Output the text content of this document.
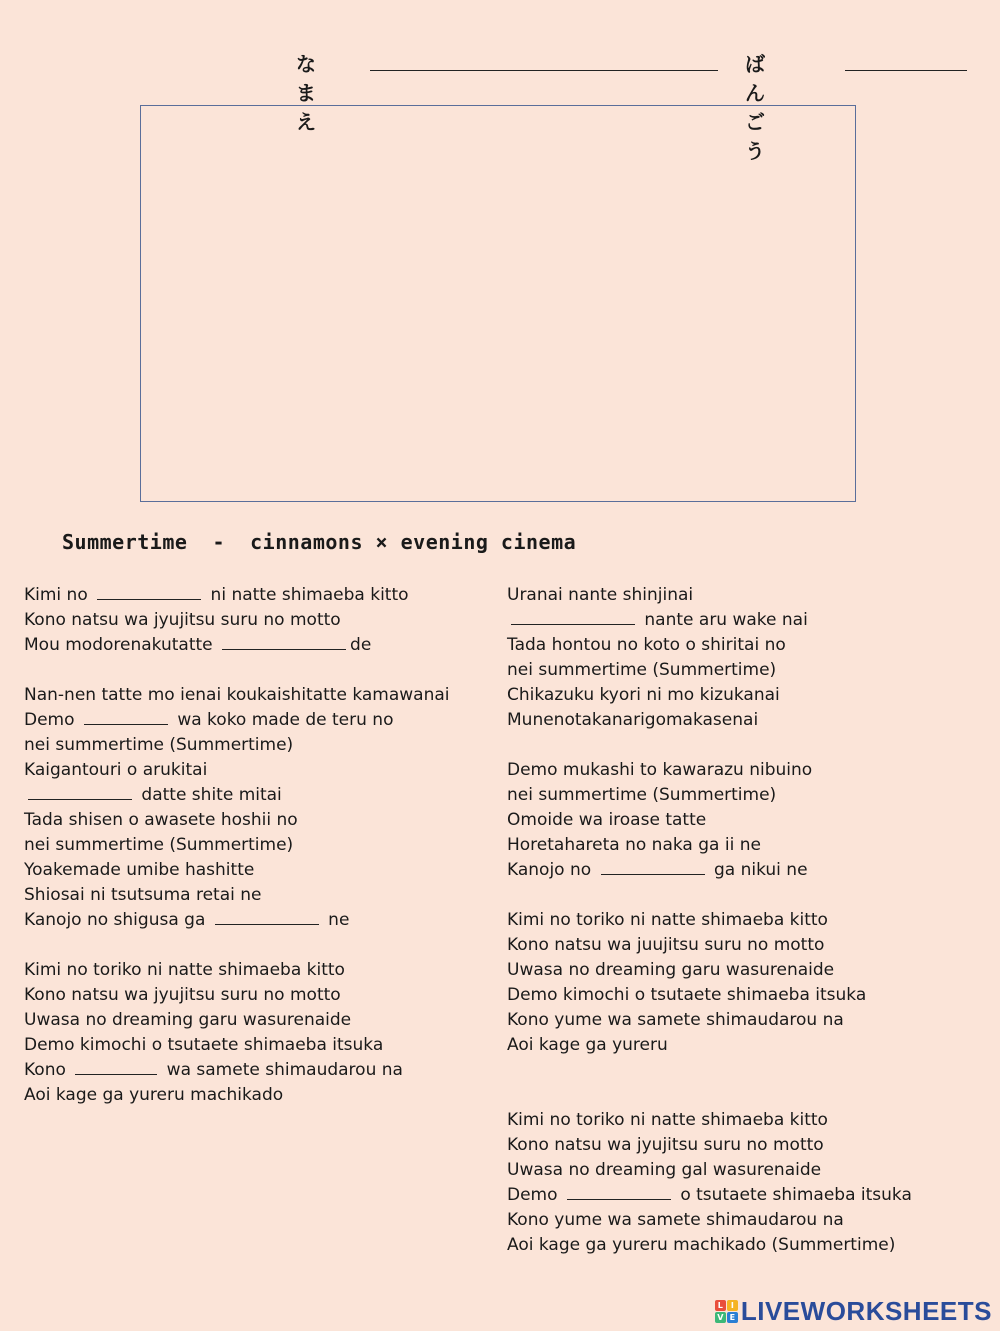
なまえ
ばんごう
Summertime  -  cinnamons × evening cinema
Kimi no	ni natte shimaeba kitto
Kono natsu wa jyujitsu suru no motto
Mou modorenakutatte	de
Nan-nen tatte mo ienai koukaishitatte kamawanai
Demo	wa koko made de teru no
nei summertime (Summertime)
Kaigantouri o arukitai
datte shite mitai
Tada shisen o awasete hoshii no
nei summertime (Summertime)
Yoakemade umibe hashitte
Shiosai ni tsutsuma retai ne
Kanojo no shigusa ga	ne
Kimi no toriko ni natte shimaeba kitto
Kono natsu wa jyujitsu suru no motto
Uwasa no dreaming garu wasurenaide
Demo kimochi o tsutaete shimaeba itsuka
Kono	wa samete shimaudarou na
Aoi kage ga yureru machikado
Uranai nante shinjinai
nante aru wake nai
Tada hontou no koto o shiritai no
nei summertime (Summertime)
Chikazuku kyori ni mo kizukanai
Munenotakanarigomakasenai
Demo mukashi to kawarazu nibuino
nei summertime (Summertime)
Omoide wa iroase tatte
Horetahareta no naka ga ii ne
Kanojo no	ga nikui ne
Kimi no toriko ni natte shimaeba kitto
Kono natsu wa juujitsu suru no motto
Uwasa no dreaming garu wasurenaide
Demo kimochi o tsutaete shimaeba itsuka
Kono yume wa samete shimaudarou na
Aoi kage ga yureru
Kimi no toriko ni natte shimaeba kitto
Kono natsu wa jyujitsu suru no motto
Uwasa no dreaming gal wasurenaide
Demo	o tsutaete shimaeba itsuka
Kono yume wa samete shimaudarou na
Aoi kage ga yureru machikado (Summertime)
L I
V E LIVEWORKSHEETS
